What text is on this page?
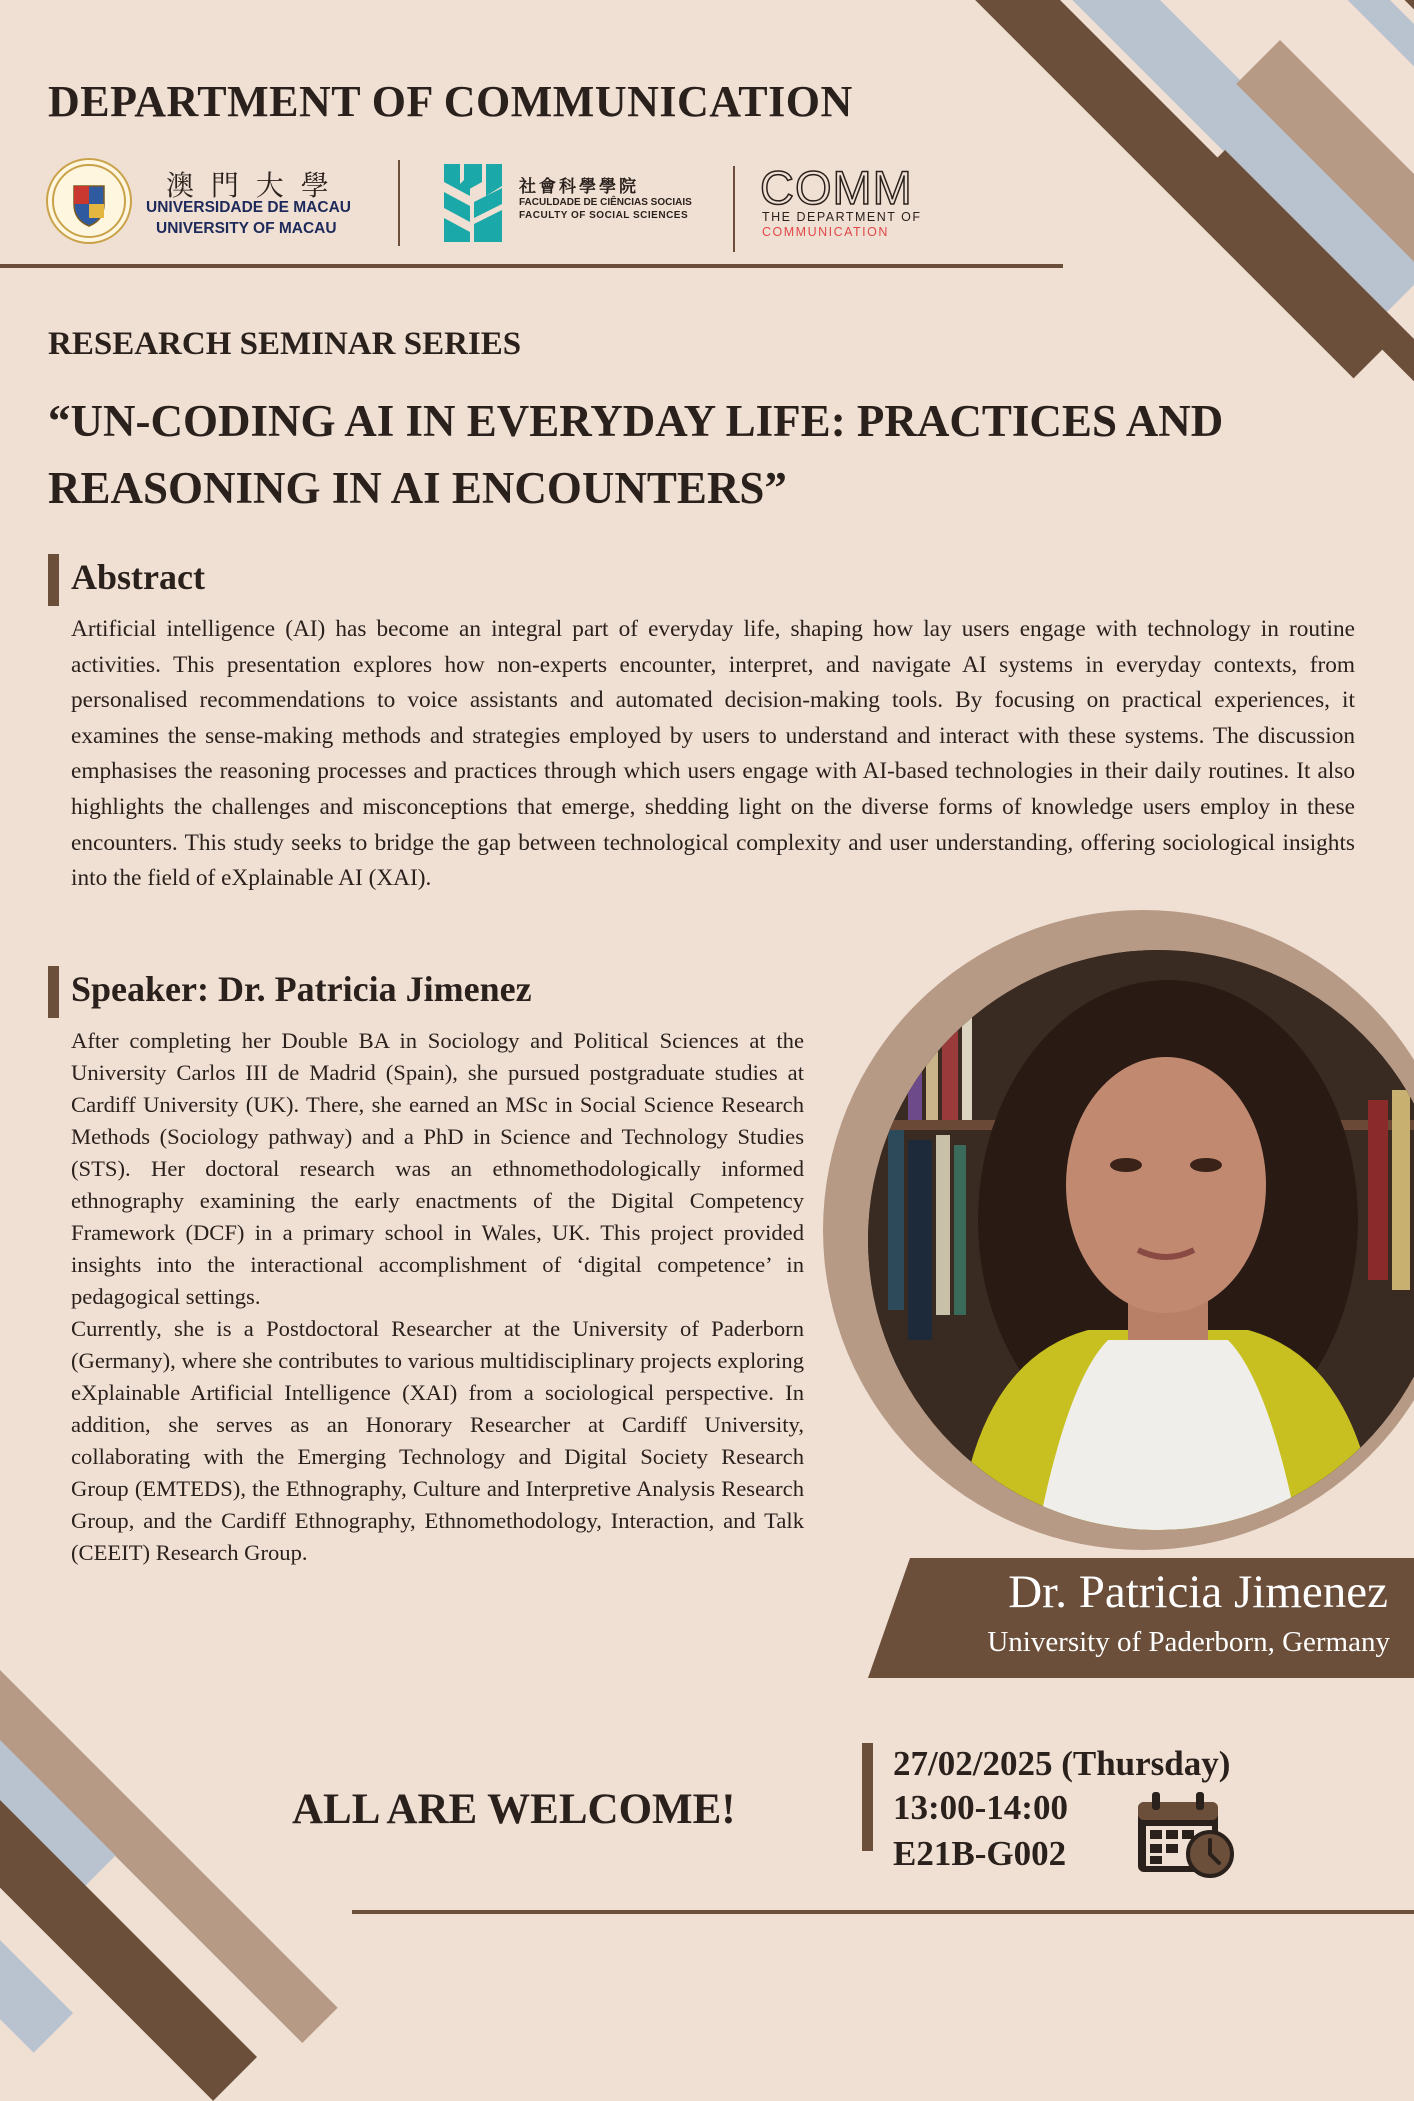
DEPARTMENT OF COMMUNICATION
澳 門 大 學
UNIVERSIDADE DE MACAU
UNIVERSITY OF MACAU
社會科學學院
FACULDADE DE CIÊNCIAS SOCIAIS
FACULTY OF SOCIAL SCIENCES
COMM
THE DEPARTMENT OF
COMMUNICATION
RESEARCH SEMINAR SERIES
“UN-CODING AI IN EVERYDAY LIFE: PRACTICES AND REASONING IN AI ENCOUNTERS”
Abstract

Artificial intelligence (AI) has become an integral part of everyday life, shaping how lay users engage with technology in routine activities. This presentation explores how non-experts encounter, interpret, and navigate AI systems in everyday contexts, from personalised recommendations to voice assistants and automated decision-making tools. By focusing on practical experiences, it examines the sense-making methods and strategies employed by users to understand and interact with these systems. The discussion emphasises the reasoning processes and practices through which users engage with AI-based technologies in their daily routines. It also highlights the challenges and misconceptions that emerge, shedding light on the diverse forms of knowledge users employ in these encounters. This study seeks to bridge the gap between technological complexity and user understanding, offering sociological insights into the field of eXplainable AI (XAI).

Speaker: Dr. Patricia Jimenez

After completing her Double BA in Sociology and Political Sciences at the University Carlos III de Madrid (Spain), she pursued postgraduate studies at Cardiff University (UK). There, she earned an MSc in Social Science Research Methods (Sociology pathway) and a PhD in Science and Technology Studies (STS). Her doctoral research was an ethnomethodologically informed ethnography examining the early enactments of the Digital Competency Framework (DCF) in a primary school in Wales, UK. This project provided insights into the interactional accomplishment of ‘digital competence’ in pedagogical settings.

Currently, she is a Postdoctoral Researcher at the University of Paderborn (Germany), where she contributes to various multidisciplinary projects exploring eXplainable Artificial Intelligence (XAI) from a sociological perspective. In addition, she serves as an Honorary Researcher at Cardiff University, collaborating with the Emerging Technology and Digital Society Research Group (EMTEDS), the Ethnography, Culture and Interpretive Analysis Research Group, and the Cardiff Ethnography, Ethnomethodology, Interaction, and Talk (CEEIT) Research Group.

Dr. Patricia Jimenez
University of Paderborn, Germany
ALL ARE WELCOME!
27/02/2025 (Thursday)
13:00-14:00
E21B-G002
